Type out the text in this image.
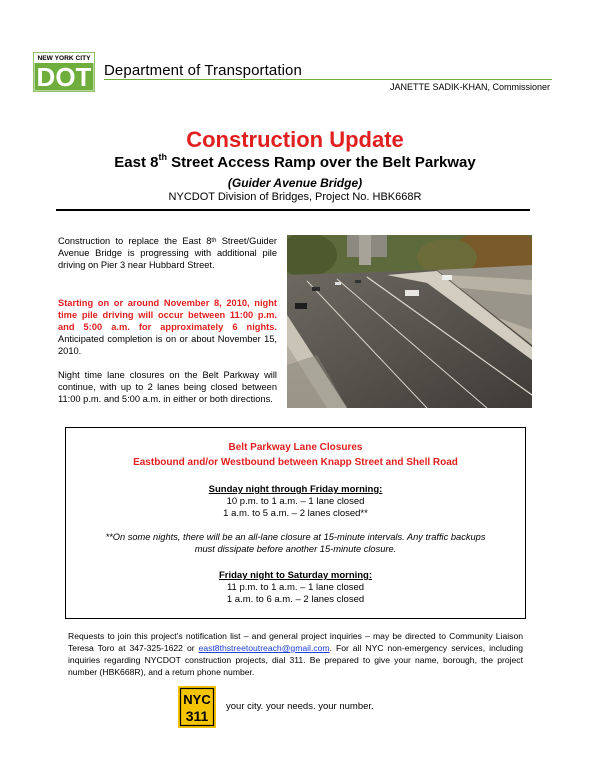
NEW YORK CITY
DOT Department of Transportation
JANETTE SADIK-KHAN, Commissioner
Construction Update
East 8th Street Access Ramp over the Belt Parkway
(Guider Avenue Bridge)
NYCDOT Division of Bridges, Project No. HBK668R
Construction to replace the East 8th Street/Guider Avenue Bridge is progressing with additional pile driving on Pier 3 near Hubbard Street.
Starting on or around November 8, 2010, night time pile driving will occur between 11:00 p.m. and 5:00 a.m. for approximately 6 nights. Anticipated completion is on or about November 15, 2010.
Night time lane closures on the Belt Parkway will continue, with up to 2 lanes being closed between 11:00 p.m. and 5:00 a.m. in either or both directions.
Belt Parkway Lane Closures
Eastbound and/or Westbound between Knapp Street and Shell Road
Sunday night through Friday morning:
10 p.m. to 1 a.m. – 1 lane closed
1 a.m. to 5 a.m. – 2 lanes closed**
**On some nights, there will be an all-lane closure at 15-minute intervals. Any traffic backups
must dissipate before another 15-minute closure.
Friday night to Saturday morning:
11 p.m. to 1 a.m. – 1 lane closed
1 a.m. to 6 a.m. – 2 lanes closed
Requests to join this project’s notification list – and general project inquiries – may be directed to Community Liaison Teresa Toro at 347-325-1622 or east8thstreetoutreach@gmail.com. For all NYC non-emergency services, including inquiries regarding NYCDOT construction projects, dial 311. Be prepared to give your name, borough, the project number (HBK668R), and a return phone number.
NYC
311
your city. your needs. your number.
